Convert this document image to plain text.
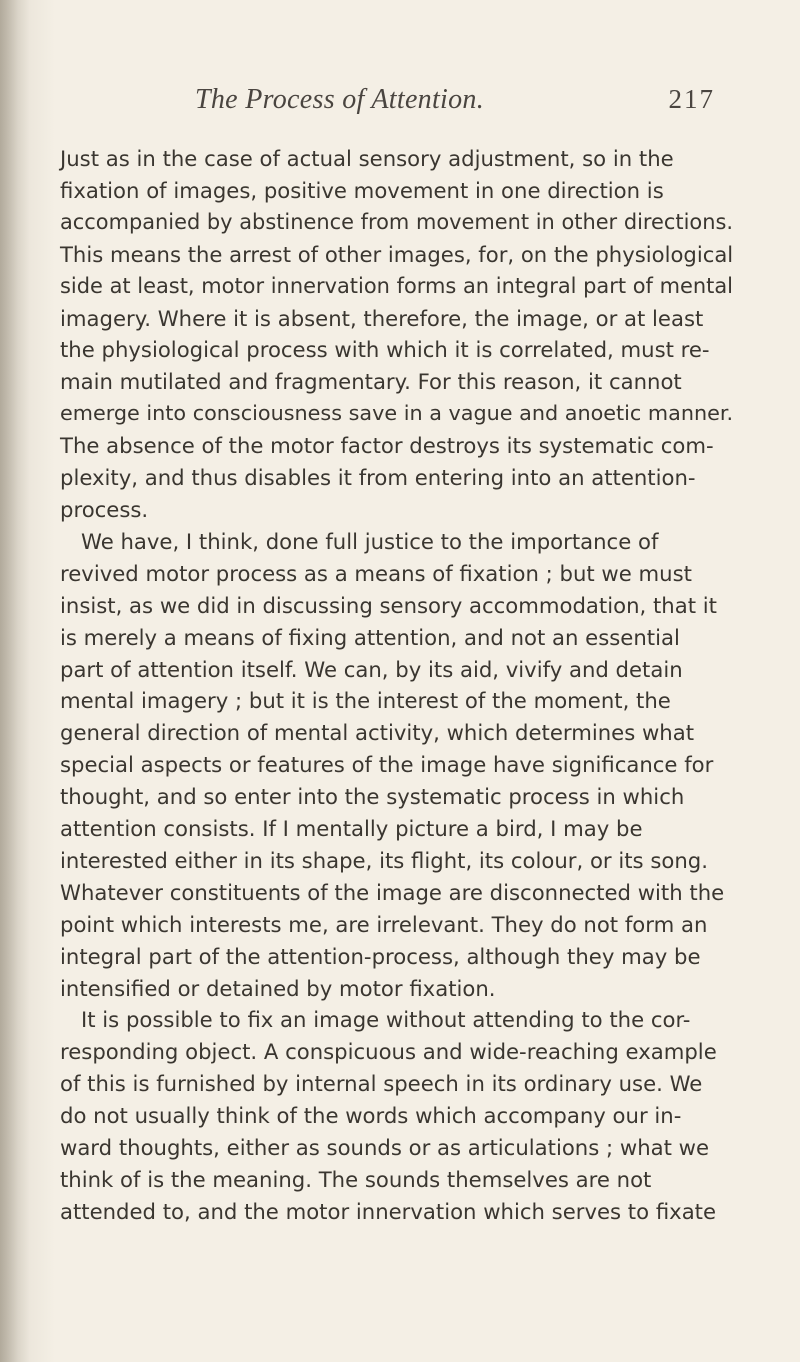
The Process of Attention.	217
Just as in the case of actual sensory adjustment, so in the
fixation of images, positive movement in one direction is
accompanied by abstinence from movement in other directions.
This means the arrest of other images, for, on the physiological
side at least, motor innervation forms an integral part of mental
imagery. Where it is absent, therefore, the image, or at least
the physiological process with which it is correlated, must re-
main mutilated and fragmentary. For this reason, it cannot
emerge into consciousness save in a vague and anoetic manner.
The absence of the motor factor destroys its systematic com-
plexity, and thus disables it from entering into an attention-
process.
We have, I think, done full justice to the importance of
revived motor process as a means of fixation ; but we must
insist, as we did in discussing sensory accommodation, that it
is merely a means of fixing attention, and not an essential
part of attention itself. We can, by its aid, vivify and detain
mental imagery ; but it is the interest of the moment, the
general direction of mental activity, which determines what
special aspects or features of the image have significance for
thought, and so enter into the systematic process in which
attention consists. If I mentally picture a bird, I may be
interested either in its shape, its flight, its colour, or its song.
Whatever constituents of the image are disconnected with the
point which interests me, are irrelevant. They do not form an
integral part of the attention-process, although they may be
intensified or detained by motor fixation.
It is possible to fix an image without attending to the cor-
responding object. A conspicuous and wide-reaching example
of this is furnished by internal speech in its ordinary use. We
do not usually think of the words which accompany our in-
ward thoughts, either as sounds or as articulations ; what we
think of is the meaning. The sounds themselves are not
attended to, and the motor innervation which serves to fixate
